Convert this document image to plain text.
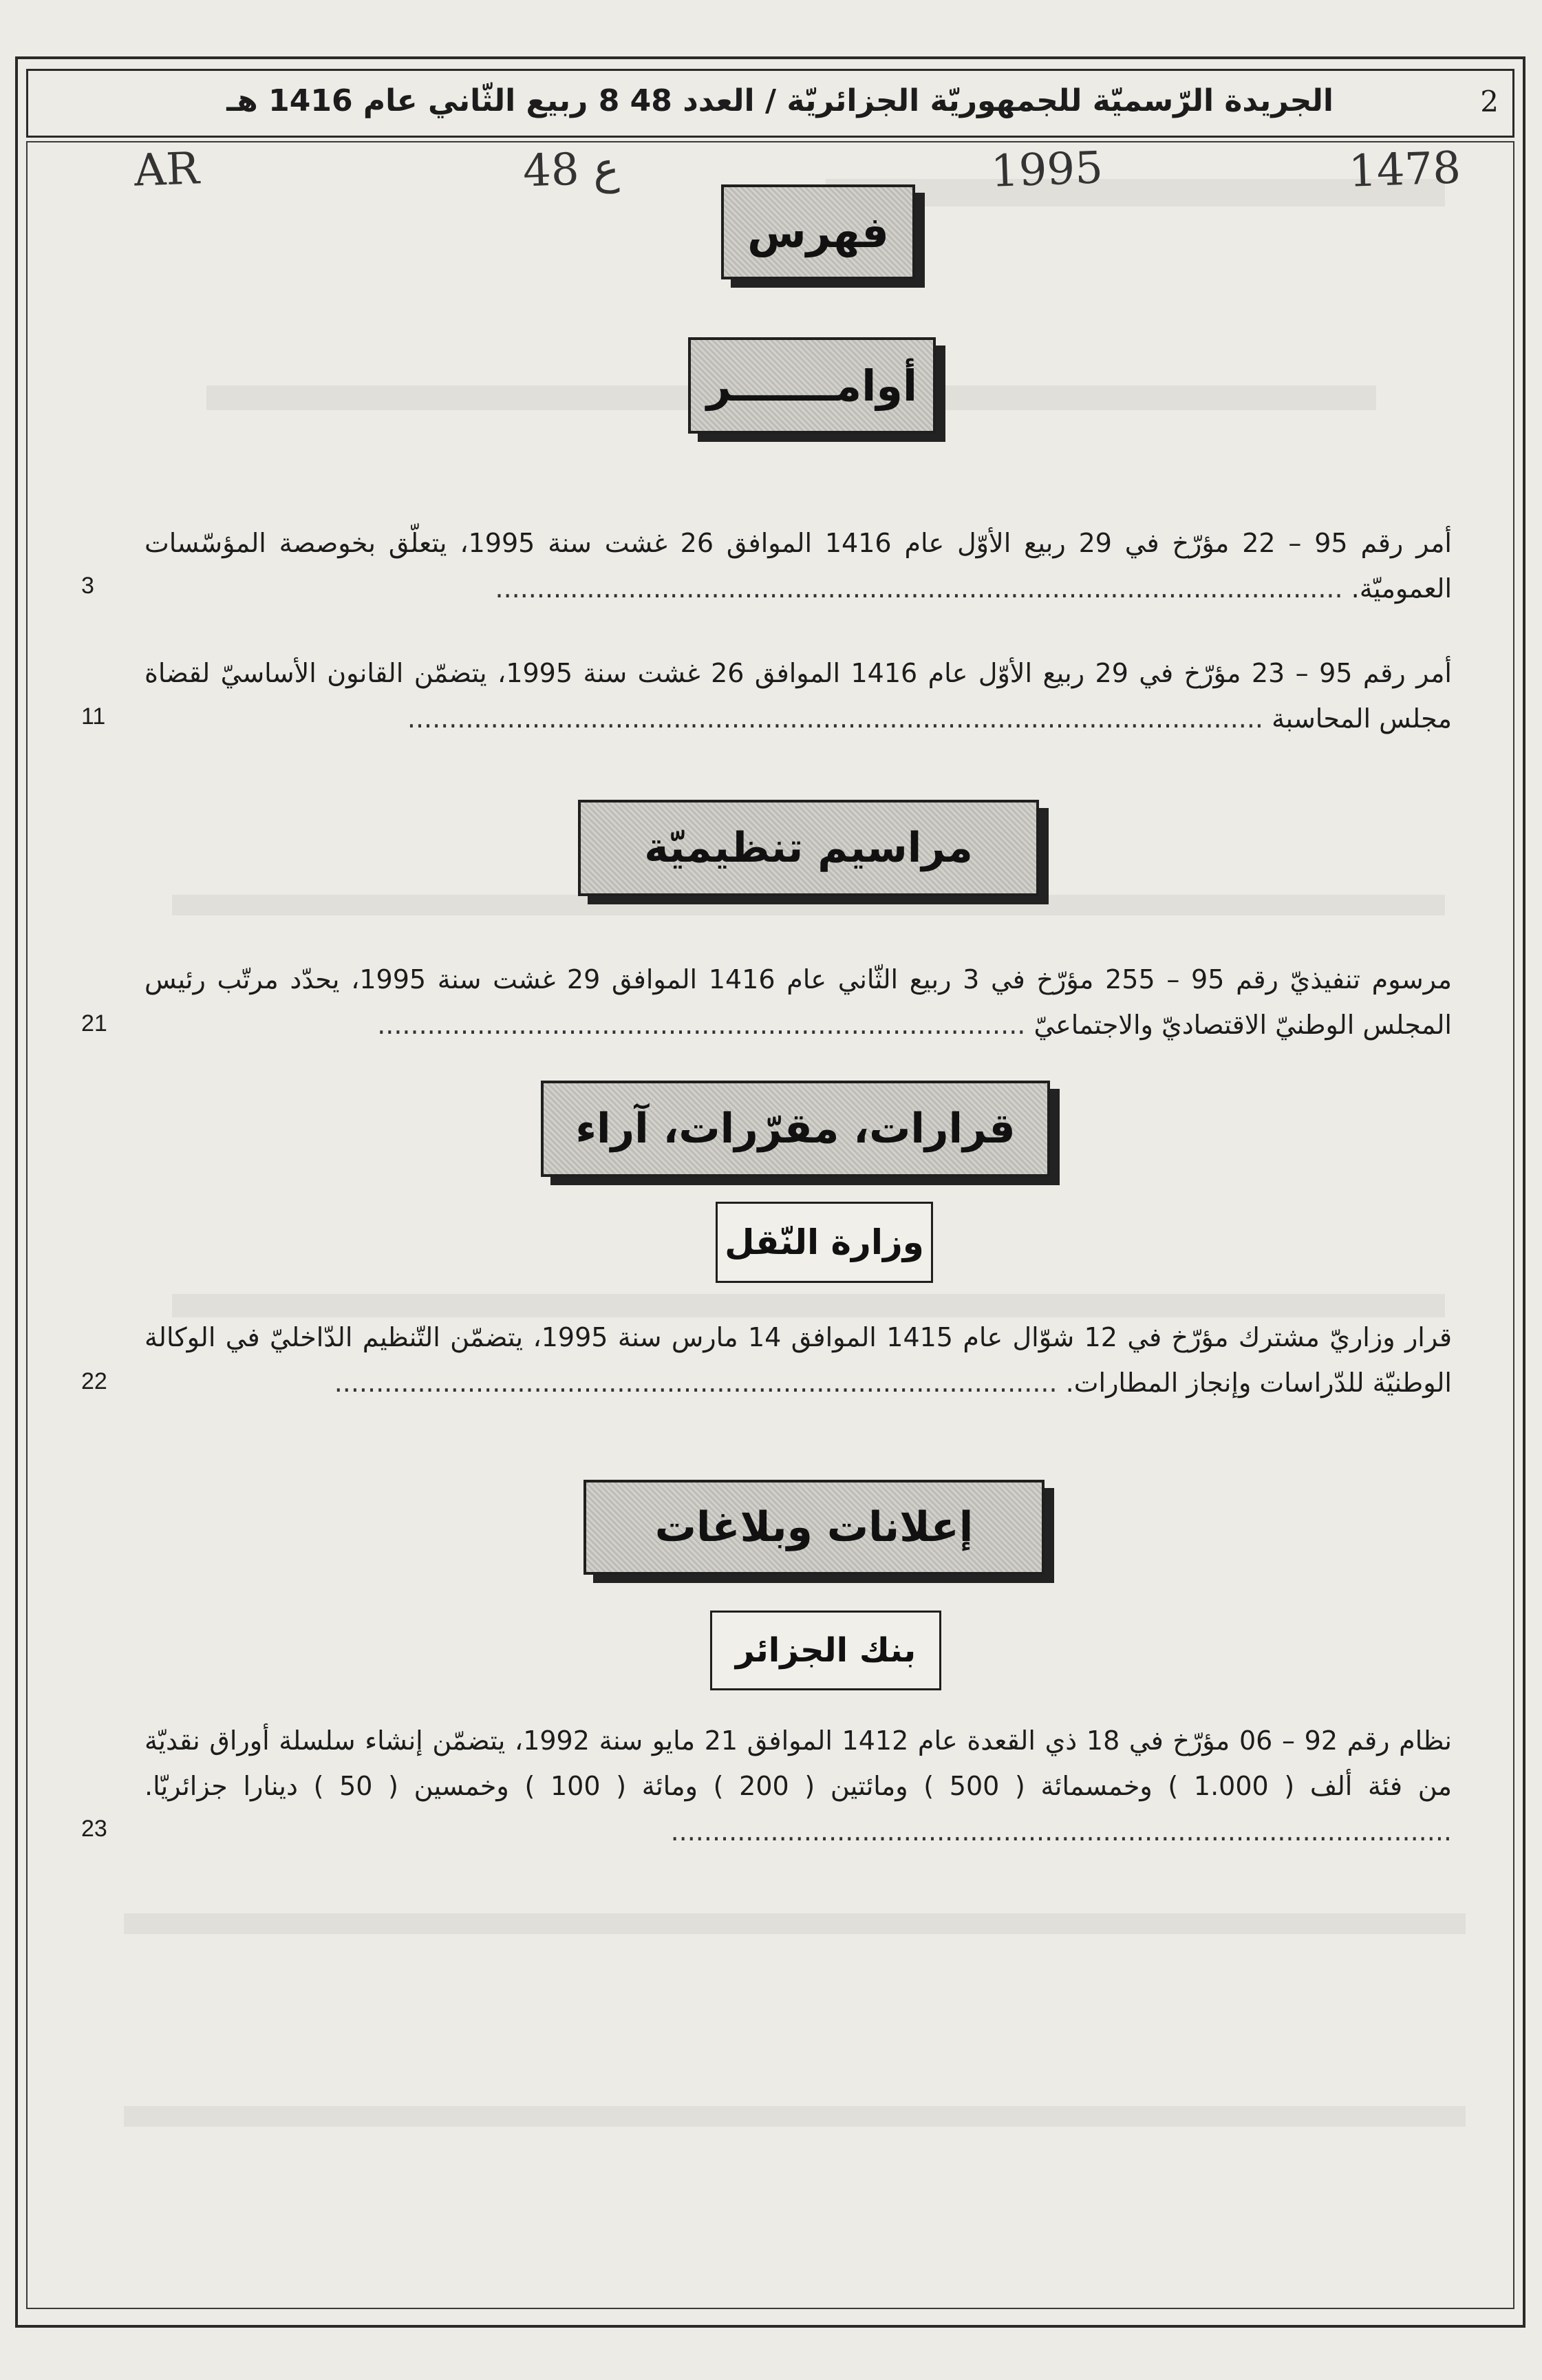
2
الجريدة الرّسميّة للجمهوريّة الجزائريّة / العدد 48 8 ربيع الثّاني عام 1416 هـ
1478
1995
48 ع
AR
فهرس
أوامـــــــر
أمر رقم 95 – 22 مؤرّخ في 29 ربيع الأوّل عام 1416 الموافق 26 غشت سنة 1995، يتعلّق بخوصصة المؤسّسات العموميّة. ......................................................................................................
3
أمر رقم 95 – 23 مؤرّخ في 29 ربيع الأوّل عام 1416 الموافق 26 غشت سنة 1995، يتضمّن القانون الأساسيّ لقضاة مجلس المحاسبة .......................................................................................................
11
مراسيم تنظيميّة
مرسوم تنفيذيّ رقم 95 – 255 مؤرّخ في 3 ربيع الثّاني عام 1416 الموافق 29 غشت سنة 1995، يحدّد مرتّب رئيس المجلس الوطنيّ الاقتصاديّ والاجتماعيّ ..............................................................................
21
قرارات، مقرّرات، آراء
وزارة النّقل
قرار وزاريّ مشترك مؤرّخ في 12 شوّال عام 1415 الموافق 14 مارس سنة 1995، يتضمّن التّنظيم الدّاخليّ في الوكالة الوطنيّة للدّراسات وإنجاز المطارات. .......................................................................................
22
إعلانات وبلاغات
بنك الجزائر
نظام رقم 92 – 06 مؤرّخ في 18 ذي القعدة عام 1412 الموافق 21 مايو سنة 1992، يتضمّن إنشاء سلسلة أوراق نقديّة من فئة ألف ( 1.000 ) وخمسمائة ( 500 ) ومائتين ( 200 ) ومائة ( 100 ) وخمسين ( 50 ) دينارا جزائريّا. ..............................................................................................
23
